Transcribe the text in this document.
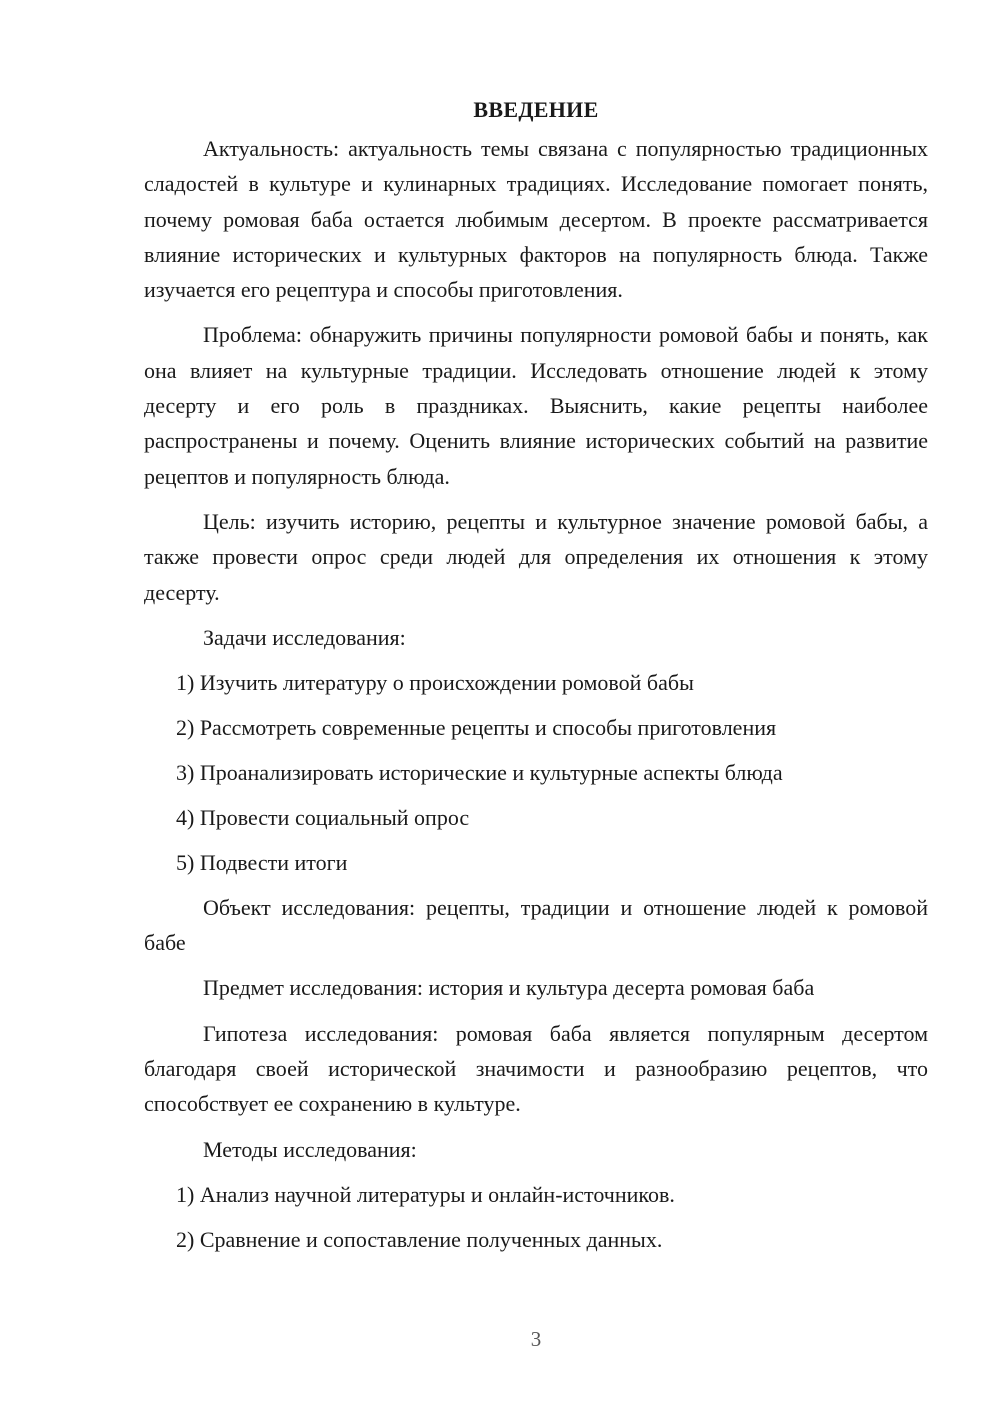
ВВЕДЕНИЕ

Актуальность: актуальность темы связана с популярностью традиционных сладостей в культуре и кулинарных традициях. Исследование помогает понять, почему ромовая баба остается любимым десертом. В проекте рассматривается влияние исторических и культурных факторов на популярность блюда. Также изучается его рецептура и способы приготовления.

Проблема: обнаружить причины популярности ромовой бабы и понять, как она влияет на культурные традиции. Исследовать отношение людей к этому десерту и его роль в праздниках. Выяснить, какие рецепты наиболее распространены и почему. Оценить влияние исторических событий на развитие рецептов и популярность блюда.

Цель: изучить историю, рецепты и культурное значение ромовой бабы, а также провести опрос среди людей для определения их отношения к этому десерту.

Задачи исследования:
1) Изучить литературу о происхождении ромовой бабы
2) Рассмотреть современные рецепты и способы приготовления
3) Проанализировать исторические и культурные аспекты блюда
4) Провести социальный опрос
5) Подвести итоги

Объект исследования: рецепты, традиции и отношение людей к ромовой бабе

Предмет исследования: история и культура десерта ромовая баба

Гипотеза исследования: ромовая баба является популярным десертом благодаря своей исторической значимости и разнообразию рецептов, что способствует ее сохранению в культуре.

Методы исследования:
1) Анализ научной литературы и онлайн-источников.
2) Сравнение и сопоставление полученных данных.
3
